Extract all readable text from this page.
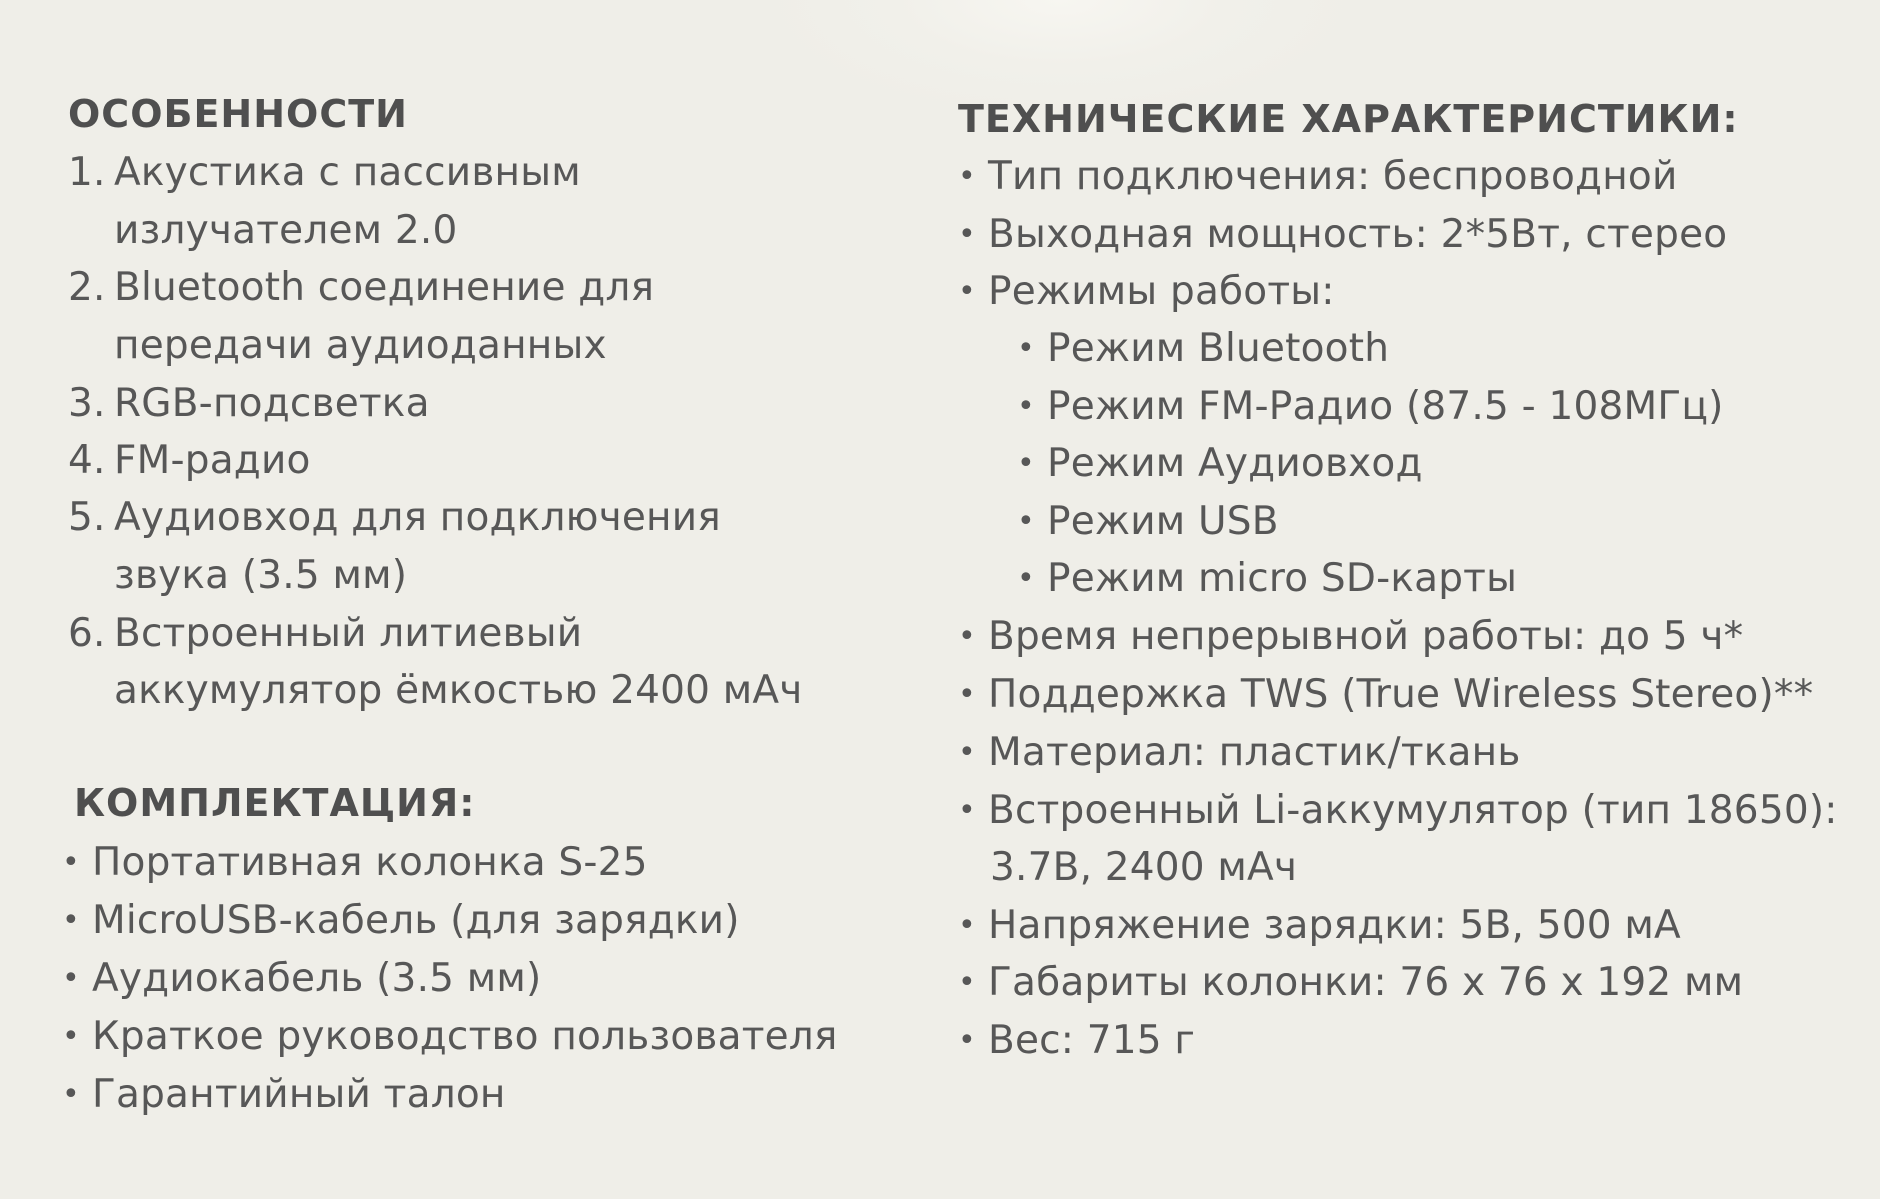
ОСОБЕННОСТИ
1. Акустика с пассивным
излучателем 2.0
2. Bluetooth соединение для
передачи аудиоданных
3. RGB-подсветка
4. FM-радио
5. Аудиовход для подключения
звука (3.5 мм)
6. Встроенный литиевый
аккумулятор ёмкостью 2400 мАч
КОМПЛЕКТАЦИЯ:
• Портативная колонка S-25
• MicroUSB-кабель (для зарядки)
• Аудиокабель (3.5 мм)
• Краткое руководство пользователя
• Гарантийный талон
ТЕХНИЧЕСКИЕ ХАРАКТЕРИСТИКИ:
• Тип подключения: беспроводной
• Выходная мощность: 2*5Вт, стерео
• Режимы работы:
• Режим Bluetooth
• Режим FM-Радио (87.5 - 108МГц)
• Режим Аудиовход
• Режим USB
• Режим micro SD-карты
• Время непрерывной работы: до 5 ч*
• Поддержка TWS (True Wireless Stereo)**
• Материал: пластик/ткань
• Встроенный Li-аккумулятор (тип 18650):
3.7В, 2400 мАч
• Напряжение зарядки: 5В, 500 мА
• Габариты колонки: 76 x 76 x 192 мм
• Вес: 715 г
